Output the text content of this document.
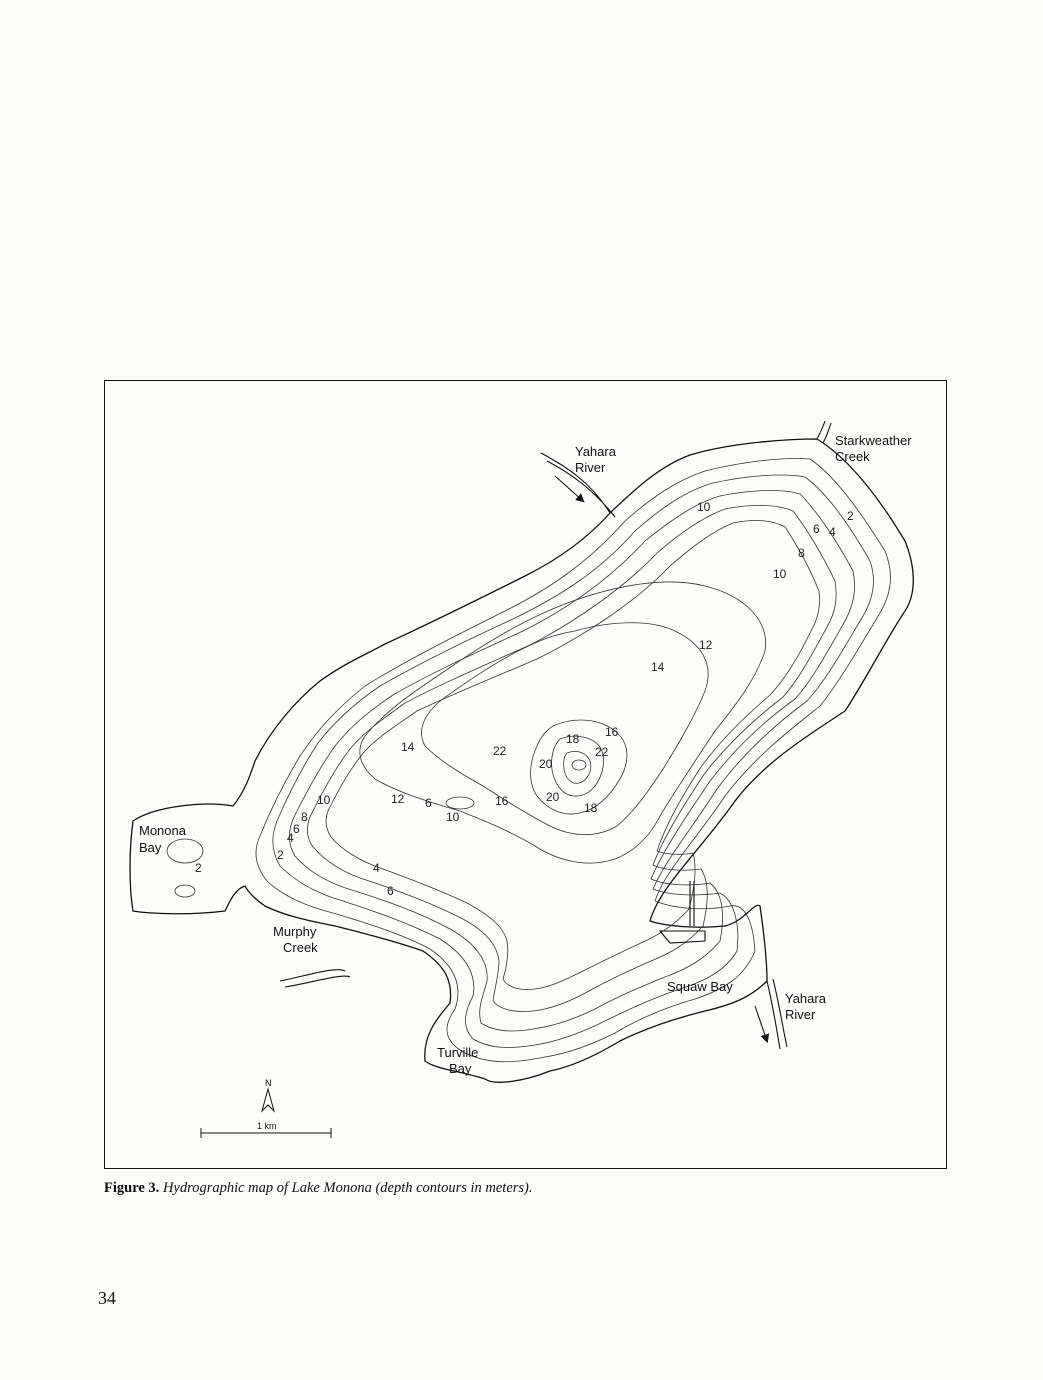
Yahara
River
Starkweather
Creek
Monona
Bay
Murphy
Creek
Squaw Bay
Yahara
River
Turville
Bay
10
4
2
6
8
10
12
14
14
16
18
22	22
20
12 6
10
16	20
18
10
8
6
4
2
4
6
2
N
1 km
Figure 3. Hydrographic map of Lake Monona (depth contours in meters).
34
